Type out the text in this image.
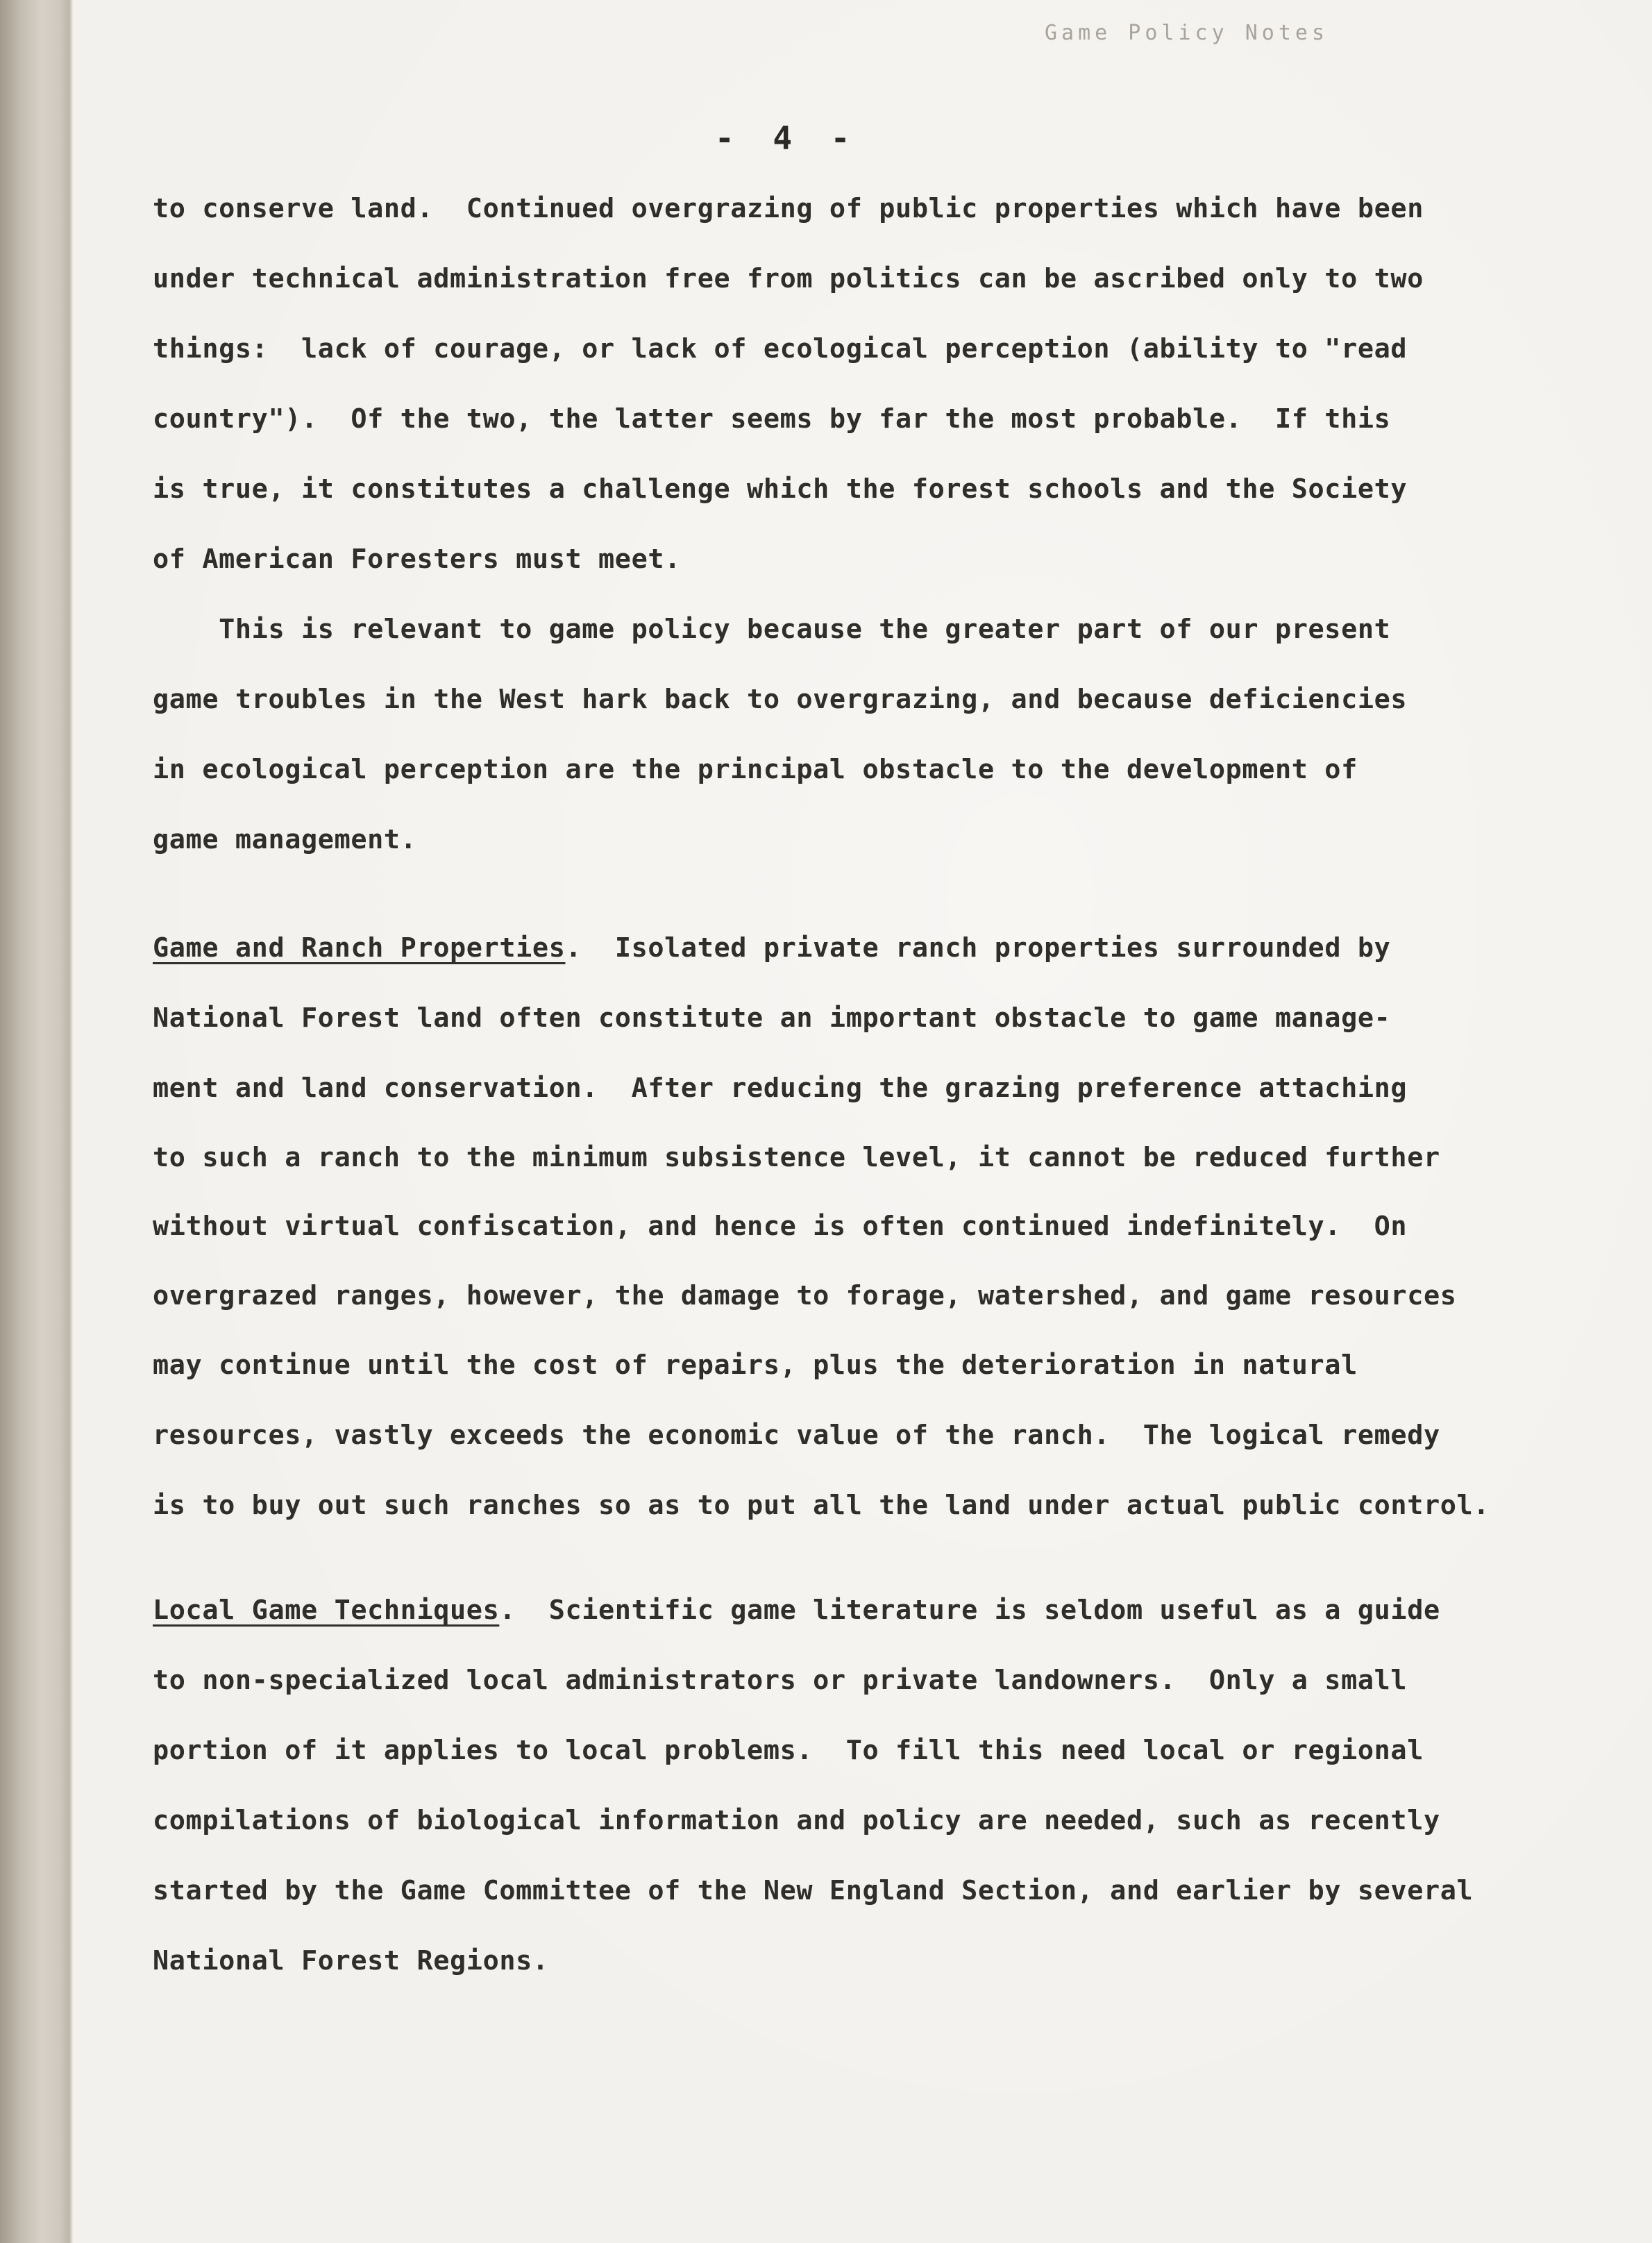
Game Policy Notes
- 4 -
to conserve land.  Continued overgrazing of public properties which have been
under technical administration free from politics can be ascribed only to two
things:  lack of courage, or lack of ecological perception (ability to "read
country").  Of the two, the latter seems by far the most probable.  If this
is true, it constitutes a challenge which the forest schools and the Society
of American Foresters must meet.
This is relevant to game policy because the greater part of our present
game troubles in the West hark back to overgrazing, and because deficiencies
in ecological perception are the principal obstacle to the development of
game management.
Game and Ranch Properties.  Isolated private ranch properties surrounded by
National Forest land often constitute an important obstacle to game manage-
ment and land conservation.  After reducing the grazing preference attaching
to such a ranch to the minimum subsistence level, it cannot be reduced further
without virtual confiscation, and hence is often continued indefinitely.  On
overgrazed ranges, however, the damage to forage, watershed, and game resources
may continue until the cost of repairs, plus the deterioration in natural
resources, vastly exceeds the economic value of the ranch.  The logical remedy
is to buy out such ranches so as to put all the land under actual public control.
Local Game Techniques.  Scientific game literature is seldom useful as a guide
to non-specialized local administrators or private landowners.  Only a small
portion of it applies to local problems.  To fill this need local or regional
compilations of biological information and policy are needed, such as recently
started by the Game Committee of the New England Section, and earlier by several
National Forest Regions.
